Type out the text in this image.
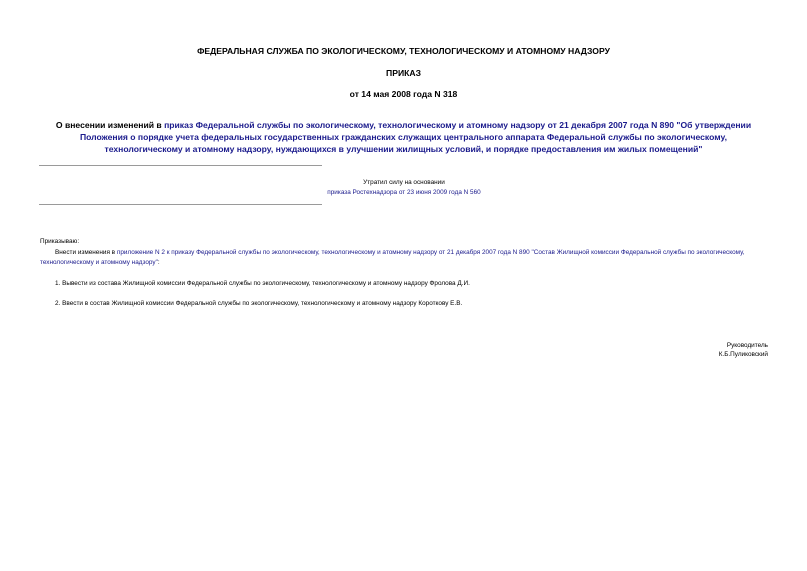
ФЕДЕРАЛЬНАЯ СЛУЖБА ПО ЭКОЛОГИЧЕСКОМУ, ТЕХНОЛОГИЧЕСКОМУ И АТОМНОМУ НАДЗОРУ
ПРИКАЗ
от 14 мая 2008 года N 318
О внесении изменений в приказ Федеральной службы по экологическому, технологическому и атомному надзору от 21 декабря 2007 года N 890 "Об утверждении Положения о порядке учета федеральных государственных гражданских служащих центрального аппарата Федеральной службы по экологическому, технологическому и атомному надзору, нуждающихся в улучшении жилищных условий, и порядке предоставления им жилых помещений"
Утратил силу на основании
приказа Ростехнадзора от 23 июня 2009 года N 560
Приказываю:
Внести изменения в приложение N 2 к приказу Федеральной службы по экологическому, технологическому и атомному надзору от 21 декабря 2007 года N 890 "Состав Жилищной комиссии Федеральной службы по экологическому, технологическому и атомному надзору":
1. Вывести из состава Жилищной комиссии Федеральной службы по экологическому, технологическому и атомному надзору Фролова Д.И.
2. Ввести в состав Жилищной комиссии Федеральной службы по экологическому, технологическому и атомному надзору Короткову Е.В.
Руководитель
К.Б.Пуликовский
